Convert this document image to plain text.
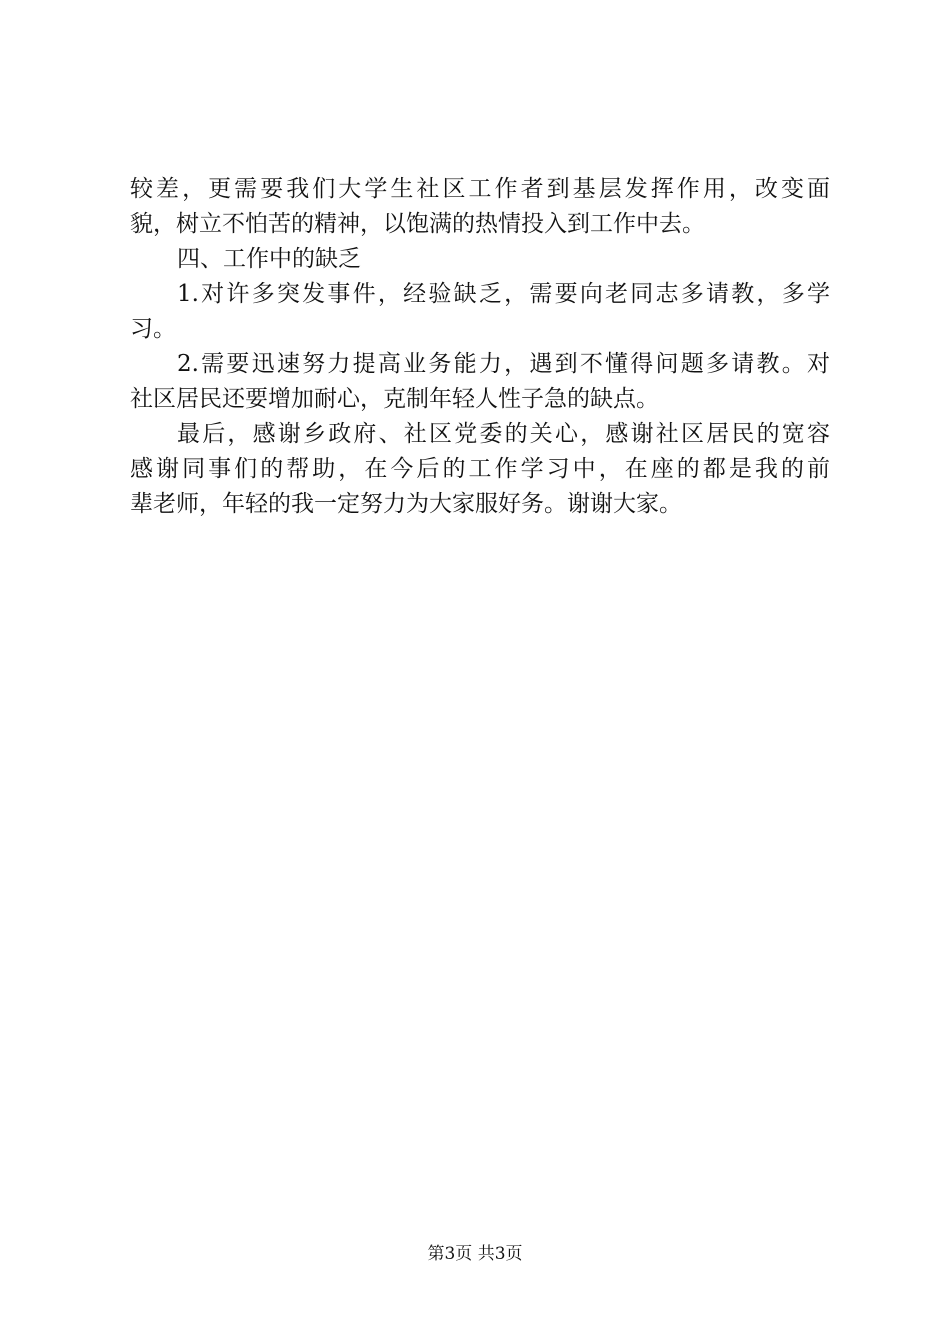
较差，更需要我们大学生社区工作者到基层发挥作用，改变面
貌，树立不怕苦的精神，以饱满的热情投入到工作中去。
四、工作中的缺乏
1.对许多突发事件，经验缺乏，需要向老同志多请教，多学
习。
2.需要迅速努力提高业务能力，遇到不懂得问题多请教。对
社区居民还要增加耐心，克制年轻人性子急的缺点。
最后，感谢乡政府、社区党委的关心，感谢社区居民的宽容
感谢同事们的帮助，在今后的工作学习中，在座的都是我的前
辈老师，年轻的我一定努力为大家服好务。谢谢大家。
第3页 共3页
